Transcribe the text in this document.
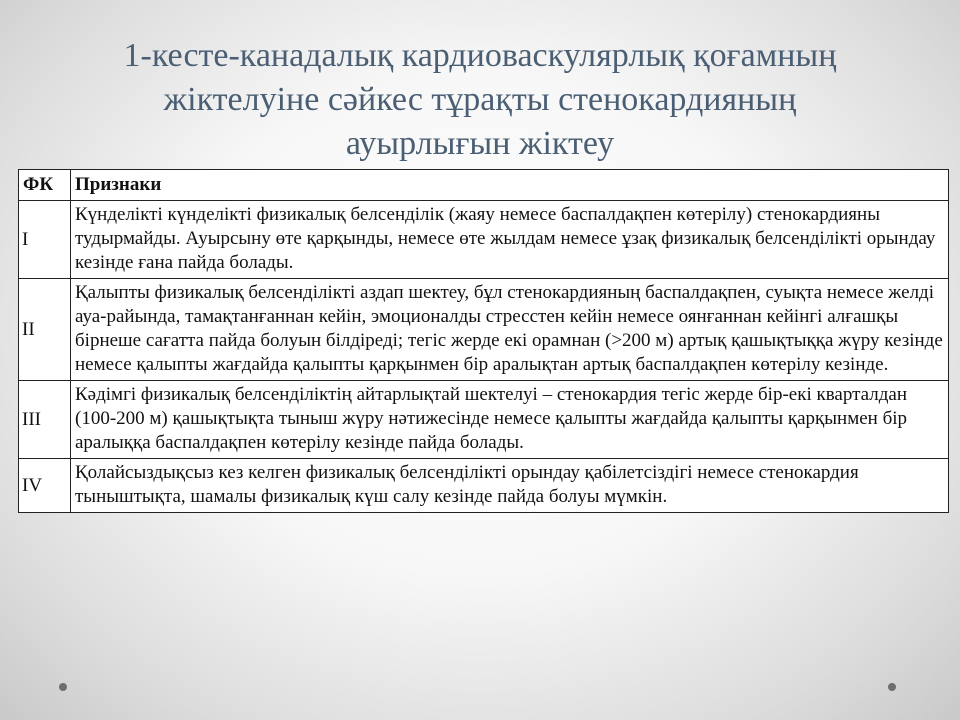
1-кесте-канадалық кардиоваскулярлық қоғамның
жіктелуіне сәйкес тұрақты стенокардияның
ауырлығын жіктеу
ФК	Признаки
I	Күнделікті күнделікті физикалық белсенділік (жаяу немесе баспалдақпен көтерілу) стенокардияны тудырмайды. Ауырсыну өте қарқынды, немесе өте жылдам немесе ұзақ физикалық белсенділікті орындау кезінде ғана пайда болады.
II	Қалыпты физикалық белсенділікті аздап шектеу, бұл стенокардияның баспалдақпен, суықта немесе желді ауа-райында, тамақтанғаннан кейін, эмоционалды стресстен кейін немесе оянғаннан кейінгі алғашқы бірнеше сағатта пайда болуын білдіреді; тегіс жерде екі орамнан (>200 м) артық қашықтыққа жүру кезінде немесе қалыпты жағдайда қалыпты қарқынмен бір аралықтан артық баспалдақпен көтерілу кезінде.
III	Кәдімгі физикалық белсенділіктің айтарлықтай шектелуі – стенокардия тегіс жерде бір-екі кварталдан (100-200 м) қашықтықта тыныш жүру нәтижесінде немесе қалыпты жағдайда қалыпты қарқынмен бір аралыққа баспалдақпен көтерілу кезінде пайда болады.
IV	Қолайсыздықсыз кез келген физикалық белсенділікті орындау қабілетсіздігі немесе стенокардия тыныштықта, шамалы физикалық күш салу кезінде пайда болуы мүмкін.
